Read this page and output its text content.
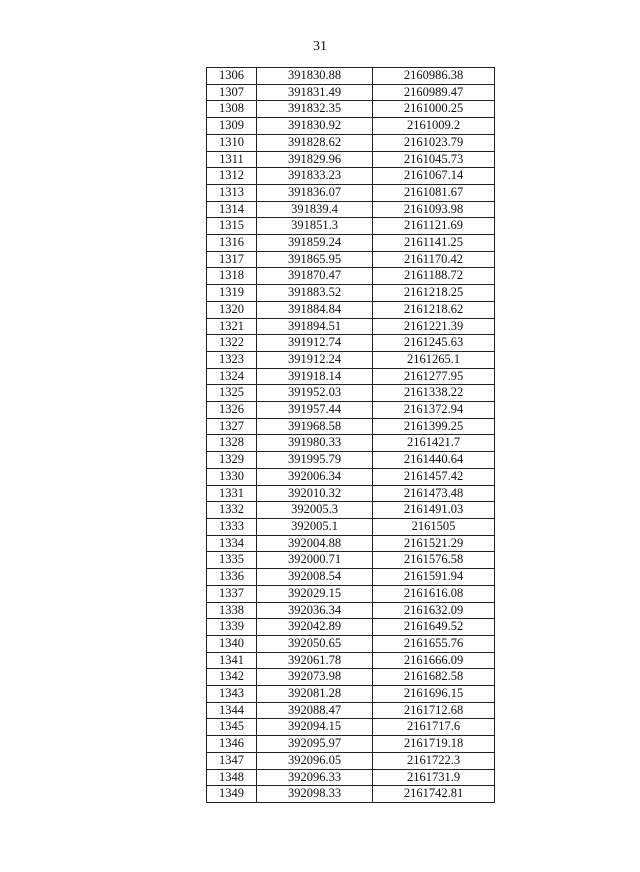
31
1306	391830.88	2160986.38
1307	391831.49	2160989.47
1308	391832.35	2161000.25
1309	391830.92	2161009.2
1310	391828.62	2161023.79
1311	391829.96	2161045.73
1312	391833.23	2161067.14
1313	391836.07	2161081.67
1314	391839.4	2161093.98
1315	391851.3	2161121.69
1316	391859.24	2161141.25
1317	391865.95	2161170.42
1318	391870.47	2161188.72
1319	391883.52	2161218.25
1320	391884.84	2161218.62
1321	391894.51	2161221.39
1322	391912.74	2161245.63
1323	391912.24	2161265.1
1324	391918.14	2161277.95
1325	391952.03	2161338.22
1326	391957.44	2161372.94
1327	391968.58	2161399.25
1328	391980.33	2161421.7
1329	391995.79	2161440.64
1330	392006.34	2161457.42
1331	392010.32	2161473.48
1332	392005.3	2161491.03
1333	392005.1	2161505
1334	392004.88	2161521.29
1335	392000.71	2161576.58
1336	392008.54	2161591.94
1337	392029.15	2161616.08
1338	392036.34	2161632.09
1339	392042.89	2161649.52
1340	392050.65	2161655.76
1341	392061.78	2161666.09
1342	392073.98	2161682.58
1343	392081.28	2161696.15
1344	392088.47	2161712.68
1345	392094.15	2161717.6
1346	392095.97	2161719.18
1347	392096.05	2161722.3
1348	392096.33	2161731.9
1349	392098.33	2161742.81
